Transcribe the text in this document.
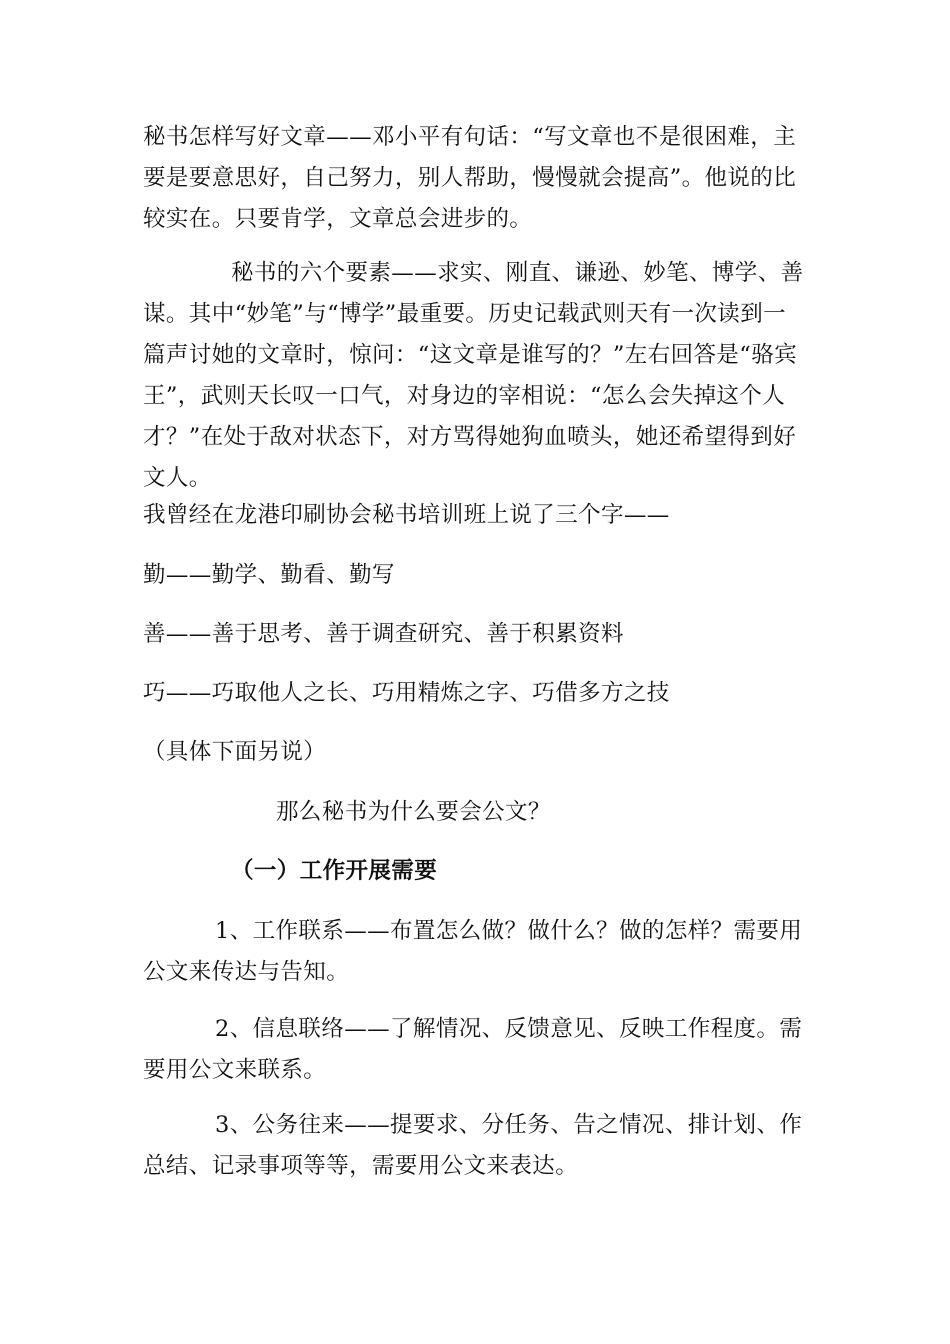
秘书怎样写好文章——邓小平有句话：“写文章也不是很困难，主要是要意思好，自己努力，别人帮助，慢慢就会提高”。他说的比较实在。只要肯学，文章总会进步的。

秘书的六个要素——求实、刚直、谦逊、妙笔、博学、善谋。其中“妙笔”与“博学”最重要。历史记载武则天有一次读到一篇声讨她的文章时，惊问：“这文章是谁写的？”左右回答是“骆宾王”，武则天长叹一口气，对身边的宰相说：“怎么会失掉这个人才？”在处于敌对状态下，对方骂得她狗血喷头，她还希望得到好文人。

我曾经在龙港印刷协会秘书培训班上说了三个字——

勤——勤学、勤看、勤写

善——善于思考、善于调查研究、善于积累资料

巧——巧取他人之长、巧用精炼之字、巧借多方之技

（具体下面另说）

那么秘书为什么要会公文？
（一）工作开展需要

1、工作联系——布置怎么做？做什么？做的怎样？需要用公文来传达与告知。

2、信息联络——了解情况、反馈意见、反映工作程度。需要用公文来联系。

3、公务往来——提要求、分任务、告之情况、排计划、作总结、记录事项等等，需要用公文来表达。
